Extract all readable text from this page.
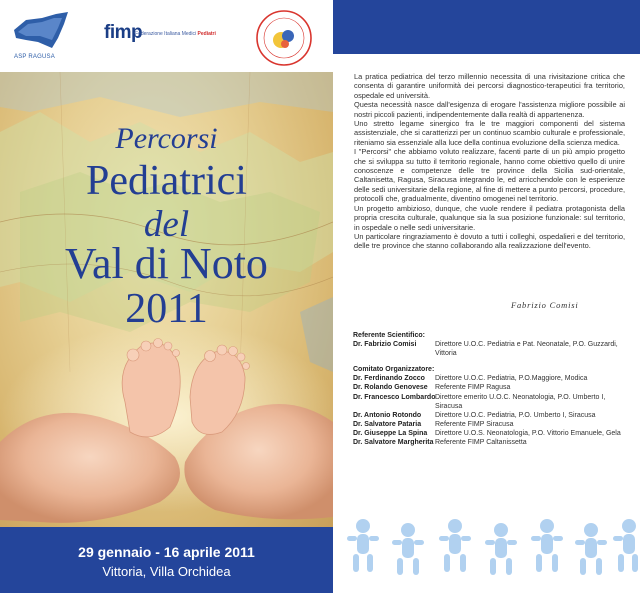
ASP RAGUSA
fimp
Federazione Italiana Medici Pediatri
Percorsi
Pediatrici
del
Val di Noto
2011
29 gennaio - 16 aprile 2011
Vittoria, Villa Orchidea

La pratica pediatrica del terzo millennio necessita di una rivisitazione critica che consenta di garantire uniformità dei percorsi diagnostico-terapeutici fra territorio, ospedale ed università.

Questa necessità nasce dall'esigenza di erogare l'assistenza migliore possibile ai nostri piccoli pazienti, indipendentemente dalla realtà di appartenenza.

Uno stretto legame sinergico fra le tre maggiori componenti del sistema assistenziale, che si caratterizzi per un continuo scambio culturale e professionale, riteniamo sia essenziale alla luce della continua evoluzione della scienza medica.

I "Percorsi" che abbiamo voluto realizzare, facenti parte di un più ampio progetto che si sviluppa su tutto il territorio regionale, hanno come obiettivo quello di unire conoscenze e competenze delle tre province della Sicilia sud-orientale, Caltanisetta, Ragusa, Siracusa integrando le, ed arricchendole con le esperienze delle sedi universitarie della regione, al fine di mettere a punto percorsi, procedure, protocolli che, gradualmente, diventino omogenei nel territorio.

Un progetto ambizioso, dunque, che vuole rendere il pediatra protagonista della propria crescita culturale, qualunque sia la sua posizione funzionale: sul territorio, in ospedale o nelle sedi universitarie.

Un particolare ringraziamento è dovuto a tutti i colleghi, ospedalieri e del territorio, delle tre province che stanno collaborando alla realizzazione dell'evento.

Fabrizio Comisi
Referente Scientifico:
Dr. Fabrizio Comisi	Direttore U.O.C. Pediatria e Pat. Neonatale, P.O. Guzzardi, Vittoria
Comitato Organizzatore:
Dr. Ferdinando Zocco	Direttore U.O.C. Pediatria, P.O.Maggiore, Modica
Dr. Rolando Genovese	Referente FIMP Ragusa
Dr. Francesco Lombardo Direttore emerito U.O.C. Neonatologia, P.O. Umberto I, Siracusa
Dr. Antonio Rotondo	Direttore U.O.C. Pediatria, P.O. Umberto I, Siracusa
Dr. Salvatore Pataria	Referente FIMP Siracusa
Dr. Giuseppe La Spina	Direttore U.O.S. Neonatologia, P.O. Vittorio Emanuele, Gela
Dr. Salvatore Margherita Referente FIMP Caltanissetta
